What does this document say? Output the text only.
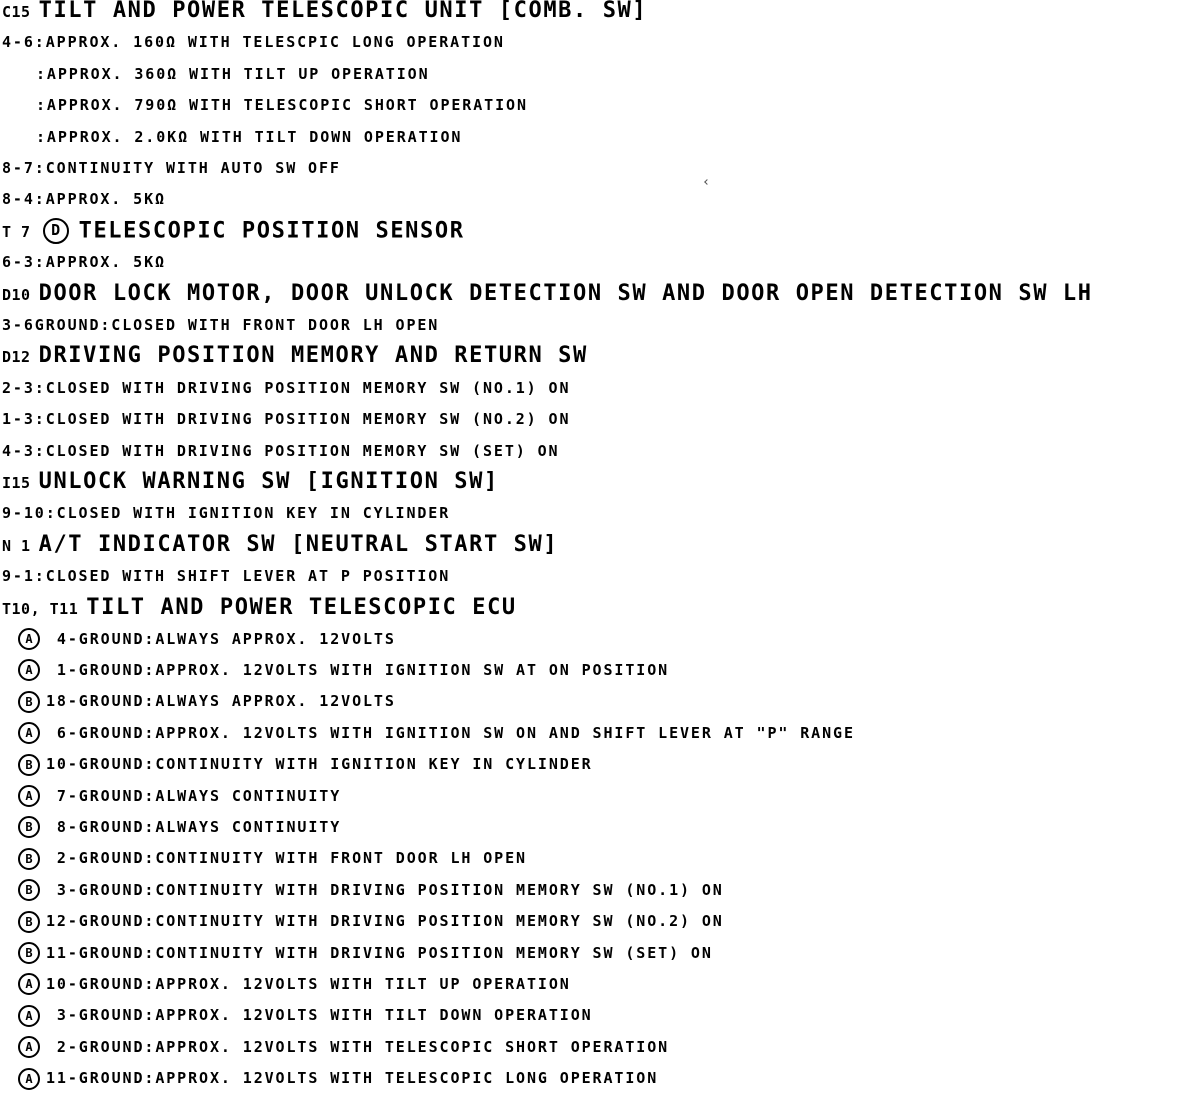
C15 TILT AND POWER TELESCOPIC UNIT [COMB. SW]
4-6:APPROX. 160Ω WITH TELESCPIC LONG OPERATION
:APPROX. 360Ω WITH TILT UP OPERATION
:APPROX. 790Ω WITH TELESCOPIC SHORT OPERATION
:APPROX. 2.0KΩ WITH TILT DOWN OPERATION
8-7:CONTINUITY WITH AUTO SW OFF
8-4:APPROX. 5KΩ
T 7 D TELESCOPIC POSITION SENSOR
6-3:APPROX. 5KΩ
D10 DOOR LOCK MOTOR, DOOR UNLOCK DETECTION SW AND DOOR OPEN DETECTION SW LH
3-6GROUND:CLOSED WITH FRONT DOOR LH OPEN
D12 DRIVING POSITION MEMORY AND RETURN SW
2-3:CLOSED WITH DRIVING POSITION MEMORY SW (NO.1) ON
1-3:CLOSED WITH DRIVING POSITION MEMORY SW (NO.2) ON
4-3:CLOSED WITH DRIVING POSITION MEMORY SW (SET) ON
I15 UNLOCK WARNING SW [IGNITION SW]
9-10:CLOSED WITH IGNITION KEY IN CYLINDER
N 1 A/T INDICATOR SW [NEUTRAL START SW]
9-1:CLOSED WITH SHIFT LEVER AT P POSITION
T10, T11 TILT AND POWER TELESCOPIC ECU
A 4 -GROUND:ALWAYS APPROX. 12VOLTS
A 1 -GROUND:APPROX. 12VOLTS WITH IGNITION SW AT ON POSITION
B 18 -GROUND:ALWAYS APPROX. 12VOLTS
A 6 -GROUND:APPROX. 12VOLTS WITH IGNITION SW ON AND SHIFT LEVER AT "P" RANGE
B 10 -GROUND:CONTINUITY WITH IGNITION KEY IN CYLINDER
A 7 -GROUND:ALWAYS CONTINUITY
B 8 -GROUND:ALWAYS CONTINUITY
B 2 -GROUND:CONTINUITY WITH FRONT DOOR LH OPEN
B 3 -GROUND:CONTINUITY WITH DRIVING POSITION MEMORY SW (NO.1) ON
B 12 -GROUND:CONTINUITY WITH DRIVING POSITION MEMORY SW (NO.2) ON
B 11 -GROUND:CONTINUITY WITH DRIVING POSITION MEMORY SW (SET) ON
A 10 -GROUND:APPROX. 12VOLTS WITH TILT UP OPERATION
A 3 -GROUND:APPROX. 12VOLTS WITH TILT DOWN OPERATION
A 2 -GROUND:APPROX. 12VOLTS WITH TELESCOPIC SHORT OPERATION
A 11 -GROUND:APPROX. 12VOLTS WITH TELESCOPIC LONG OPERATION
